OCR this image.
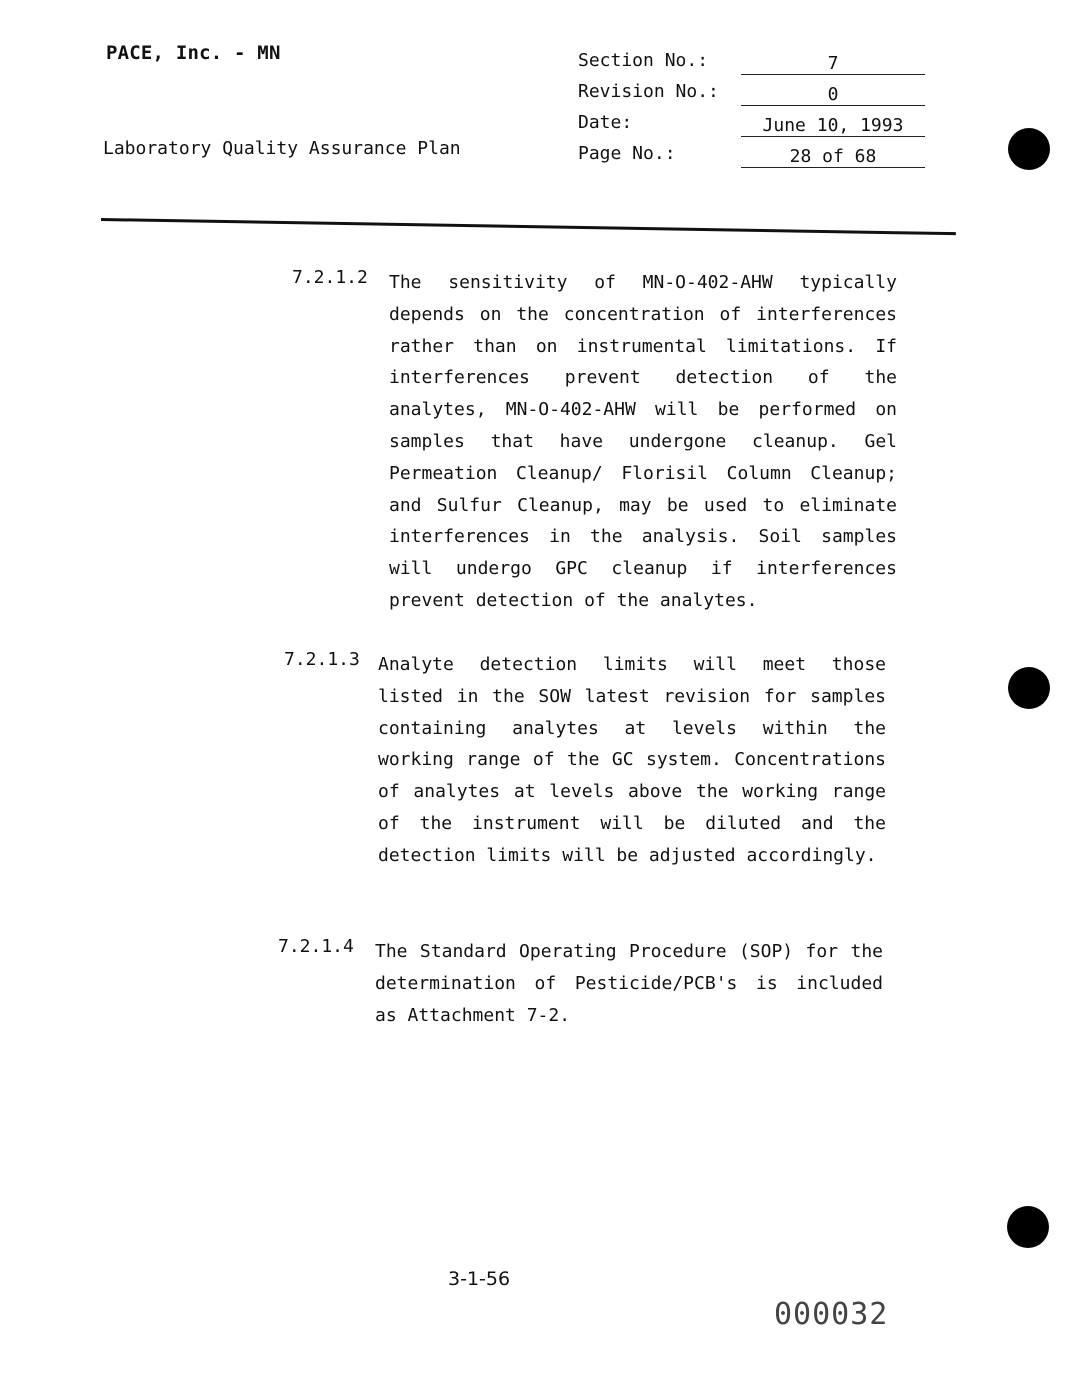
PACE, Inc. - MN
Laboratory Quality Assurance Plan
Section No.:	7
Revision No.:	0
Date:	June 10, 1993
Page No.:	28 of 68
7.2.1.2 The sensitivity of MN-O-402-AHW typically depends on the concentration of interferences rather than on instrumental limitations. If interferences prevent detection of the analytes, MN-O-402-AHW will be performed on samples that have undergone cleanup. Gel Permeation Cleanup/ Florisil Column Cleanup; and Sulfur Cleanup, may be used to eliminate interferences in the analysis. Soil samples will undergo GPC cleanup if interferences prevent detection of the analytes.

7.2.1.3 Analyte detection limits will meet those listed in the SOW latest revision for samples containing analytes at levels within the working range of the GC system. Concentrations of analytes at levels above the working range of the instrument will be diluted and the detection limits will be adjusted accordingly.

7.2.1.4 The Standard Operating Procedure (SOP) for the determination of Pesticide/PCB's is included as Attachment 7-2.

3-1-56
000032
